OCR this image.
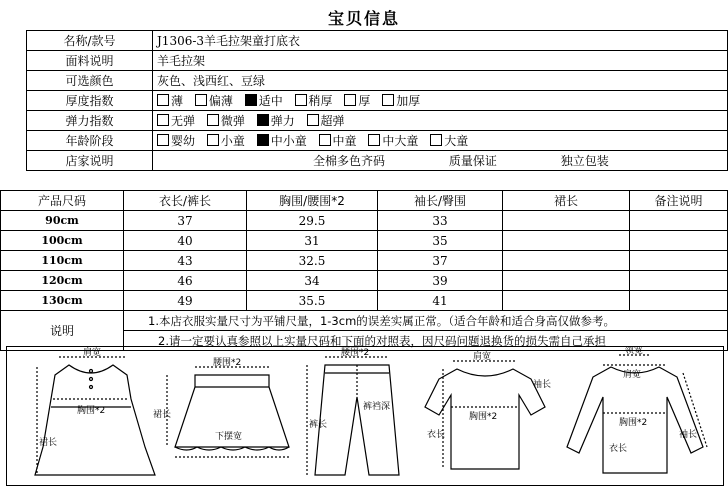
宝贝信息
名称/款号	J1306-3羊毛拉架童打底衣
面料说明	羊毛拉架
可选颜色	灰色、浅西红、豆绿
厚度指数	薄 偏薄 适中 稍厚 厚 加厚
弹力指数	无弹 微弹 弹力 超弹
年龄阶段	婴幼 小童 中小童 中童 中大童 大童
店家说明	全棉多色齐码 质量保证 独立包装
产品尺码	衣长/裤长	胸围/腰围*2	袖长/臀围	裙长	备注说明
90cm	37	29.5	33		
100cm	40	31	35		
110cm	43	32.5	37		
120cm	46	34	39		
130cm	49	35.5	41		
说明	1.本店衣服实量尺寸为平铺尺量，1-3cm的误差实属正常。（适合年龄和适合身高仅做参考。				
	2.请一定要认真参照以上实量尺码和下面的对照表，因尺码问题退换货的损失需自己承担				
肩宽
胸围*2
裙长
腰围*2
裙长
下摆宽
腰围*2
裤长
裤裆深
肩宽
袖长
胸围*2
衣长
领宽
肩宽
胸围*2
衣长
袖长
